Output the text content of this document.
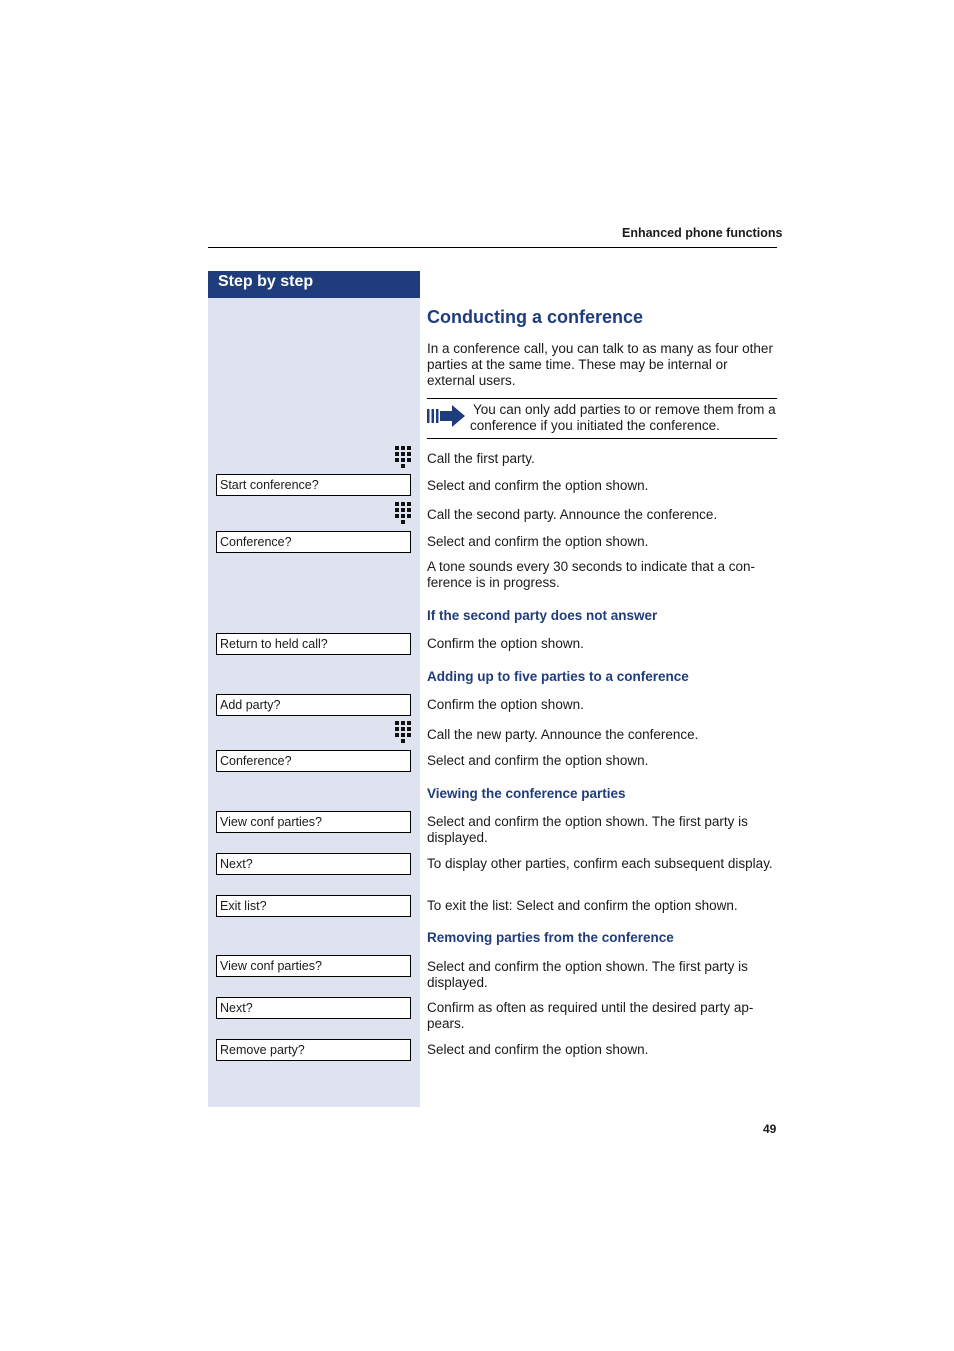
Enhanced phone functions
Step by step
Conducting a conference
In a conference call, you can talk to as many as four other parties at the same time. These may be internal or external users.
You can only add parties to or remove them from a conference if you initiated the conference.
Call the first party.
Start conference?	Select and confirm the option shown.
Call the second party. Announce the conference.
Conference?	Select and confirm the option shown.
A tone sounds every 30 seconds to indicate that a con-ference is in progress.
If the second party does not answer
Return to held call?	Confirm the option shown.
Adding up to five parties to a conference
Add party?	Confirm the option shown.
Call the new party. Announce the conference.
Conference?	Select and confirm the option shown.
Viewing the conference parties
View conf parties?	Select and confirm the option shown. The first party is displayed.
Next?	To display other parties, confirm each subsequent display.
Exit list?	To exit the list: Select and confirm the option shown.
Removing parties from the conference
View conf parties?	Select and confirm the option shown. The first party is displayed.
Next?	Confirm as often as required until the desired party ap-pears.
Remove party?	Select and confirm the option shown.
49
